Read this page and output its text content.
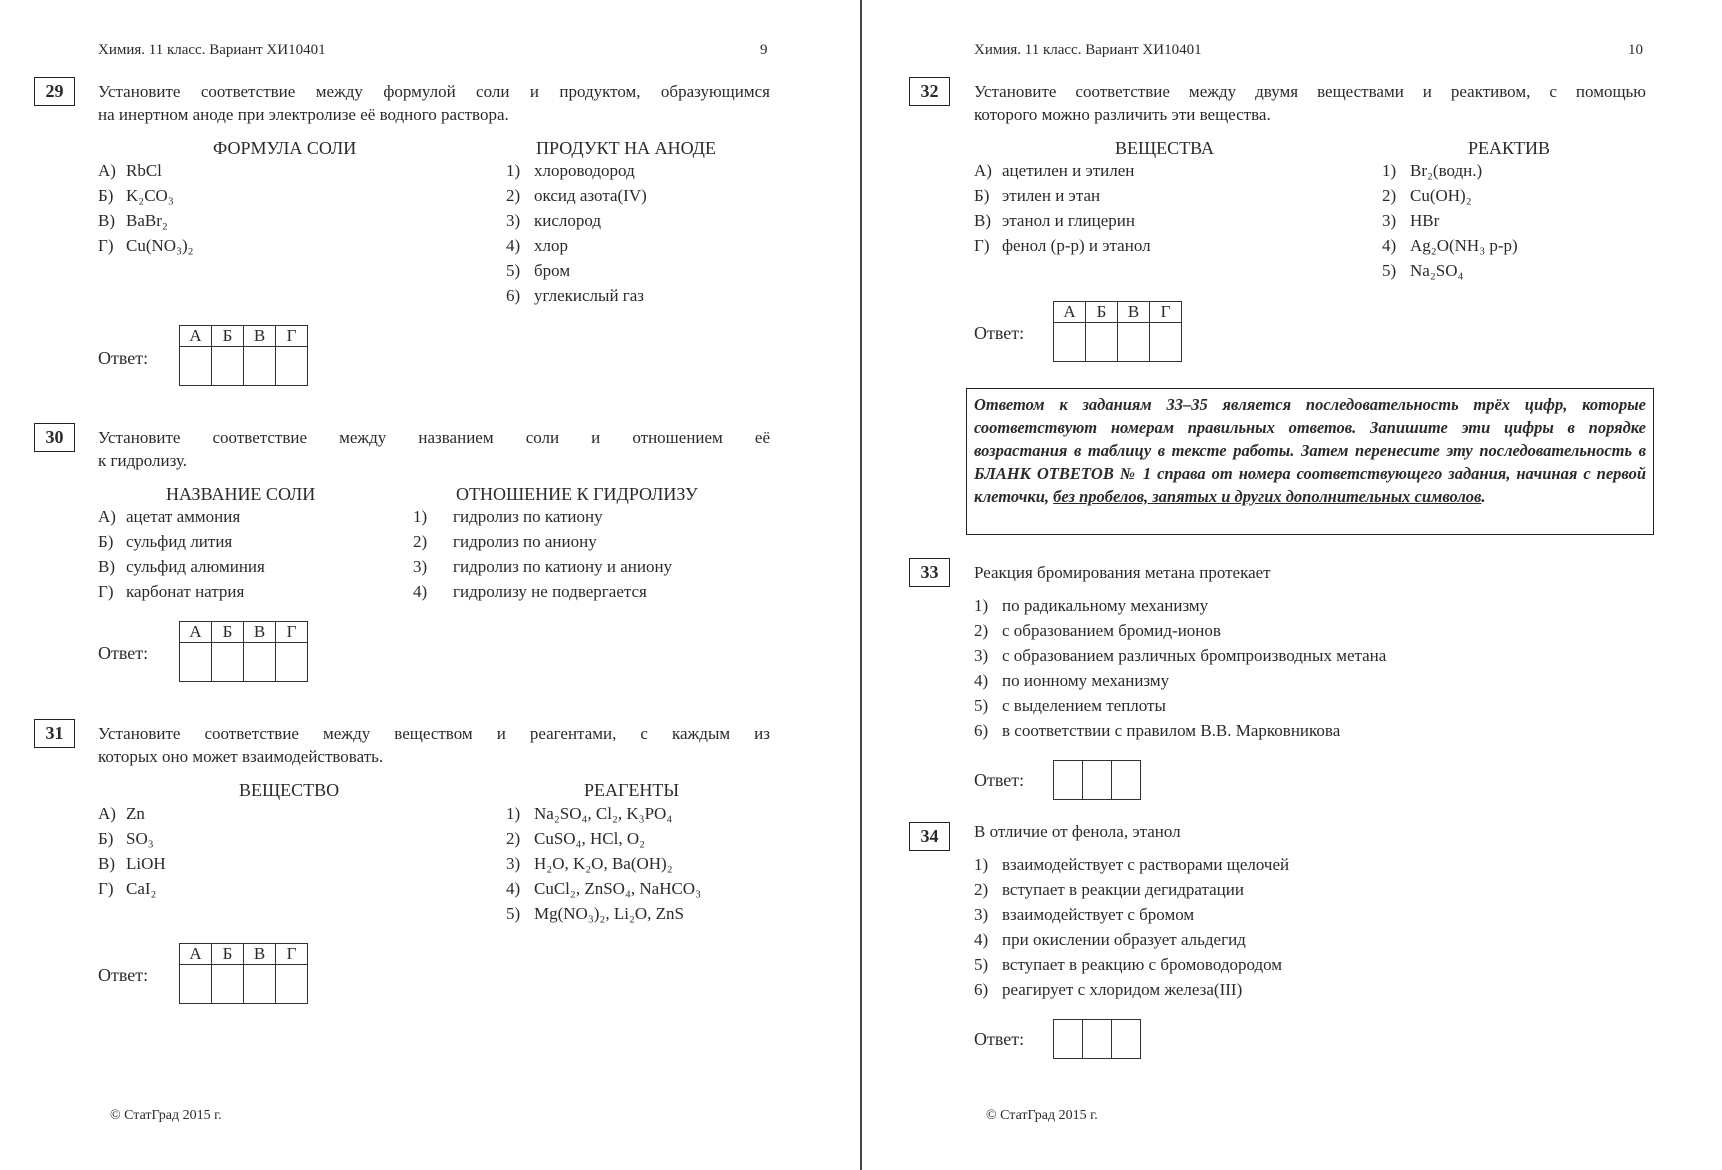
Химия. 11 класс. Вариант ХИ10401	9
29	Установите соответствие между формулой соли и продуктом, образующимся
на инертном аноде при электролизе её водного раствора.
ФОРМУЛА СОЛИ	ПРОДУКТ НА АНОДЕ
А) RbCl
Б) K₂CO₃
В) BaBr₂
Г) Cu(NO₃)₂
1) хлороводород
2) оксид азота(IV)
3) кислород
4) хлор
5) бром
6) углекислый газ
Ответ:
А	Б	В	Г

30	Установите соответствие между названием соли и отношением её
к гидролизу.
НАЗВАНИЕ СОЛИ	ОТНОШЕНИЕ К ГИДРОЛИЗУ
А) ацетат аммония
Б) сульфид лития
В) сульфид алюминия
Г) карбонат натрия
1) гидролиз по катиону
2) гидролиз по аниону
3) гидролиз по катиону и аниону
4) гидролизу не подвергается
Ответ:
А	Б	В	Г

31	Установите соответствие между веществом и реагентами, с каждым из
которых оно может взаимодействовать.
ВЕЩЕСТВО	РЕАГЕНТЫ
А) Zn
Б) SO₃
В) LiOH
Г) CaI₂
1) Na₂SO₄, Cl₂, K₃PO₄
2) CuSO₄, HCl, O₂
3) H₂O, K₂O, Ba(OH)₂
4) CuCl₂, ZnSO₄, NaHCO₃
5) Mg(NO₃)₂, Li₂O, ZnS
Ответ:
А	Б	В	Г

© СтатГрад 2015 г.
Химия. 11 класс. Вариант ХИ10401	10
32	Установите соответствие между двумя веществами и реактивом, с помощью
которого можно различить эти вещества.
ВЕЩЕСТВА	РЕАКТИВ
А) ацетилен и этилен
Б) этилен и этан
В) этанол и глицерин
Г) фенол (р-р) и этанол
1) Br₂(водн.)
2) Cu(OH)₂
3) HBr
4) Ag₂O(NH₃ р-р)
5) Na₂SO₄
Ответ:
А	Б	В	Г

Ответом к заданиям 33–35 является последовательность трёх цифр, которые соответствуют номерам правильных ответов. Запишите эти цифры в порядке возрастания в таблицу в тексте работы. Затем перенесите эту последовательность в БЛАНК ОТВЕТОВ № 1 справа от номера соответствующего задания, начиная с первой клеточки, без пробелов, запятых и других дополнительных символов.
33	Реакция бромирования метана протекает
1) по радикальному механизму
2) с образованием бромид-ионов
3) с образованием различных бромпроизводных метана
4) по ионному механизму
5) с выделением теплоты
6) в соответствии с правилом В.В. Марковникова
Ответ:

34	В отличие от фенола, этанол
1) взаимодействует с растворами щелочей
2) вступает в реакции дегидратации
3) взаимодействует с бромом
4) при окислении образует альдегид
5) вступает в реакцию с бромоводородом
6) реагирует с хлоридом железа(III)
Ответ:

© СтатГрад 2015 г.
